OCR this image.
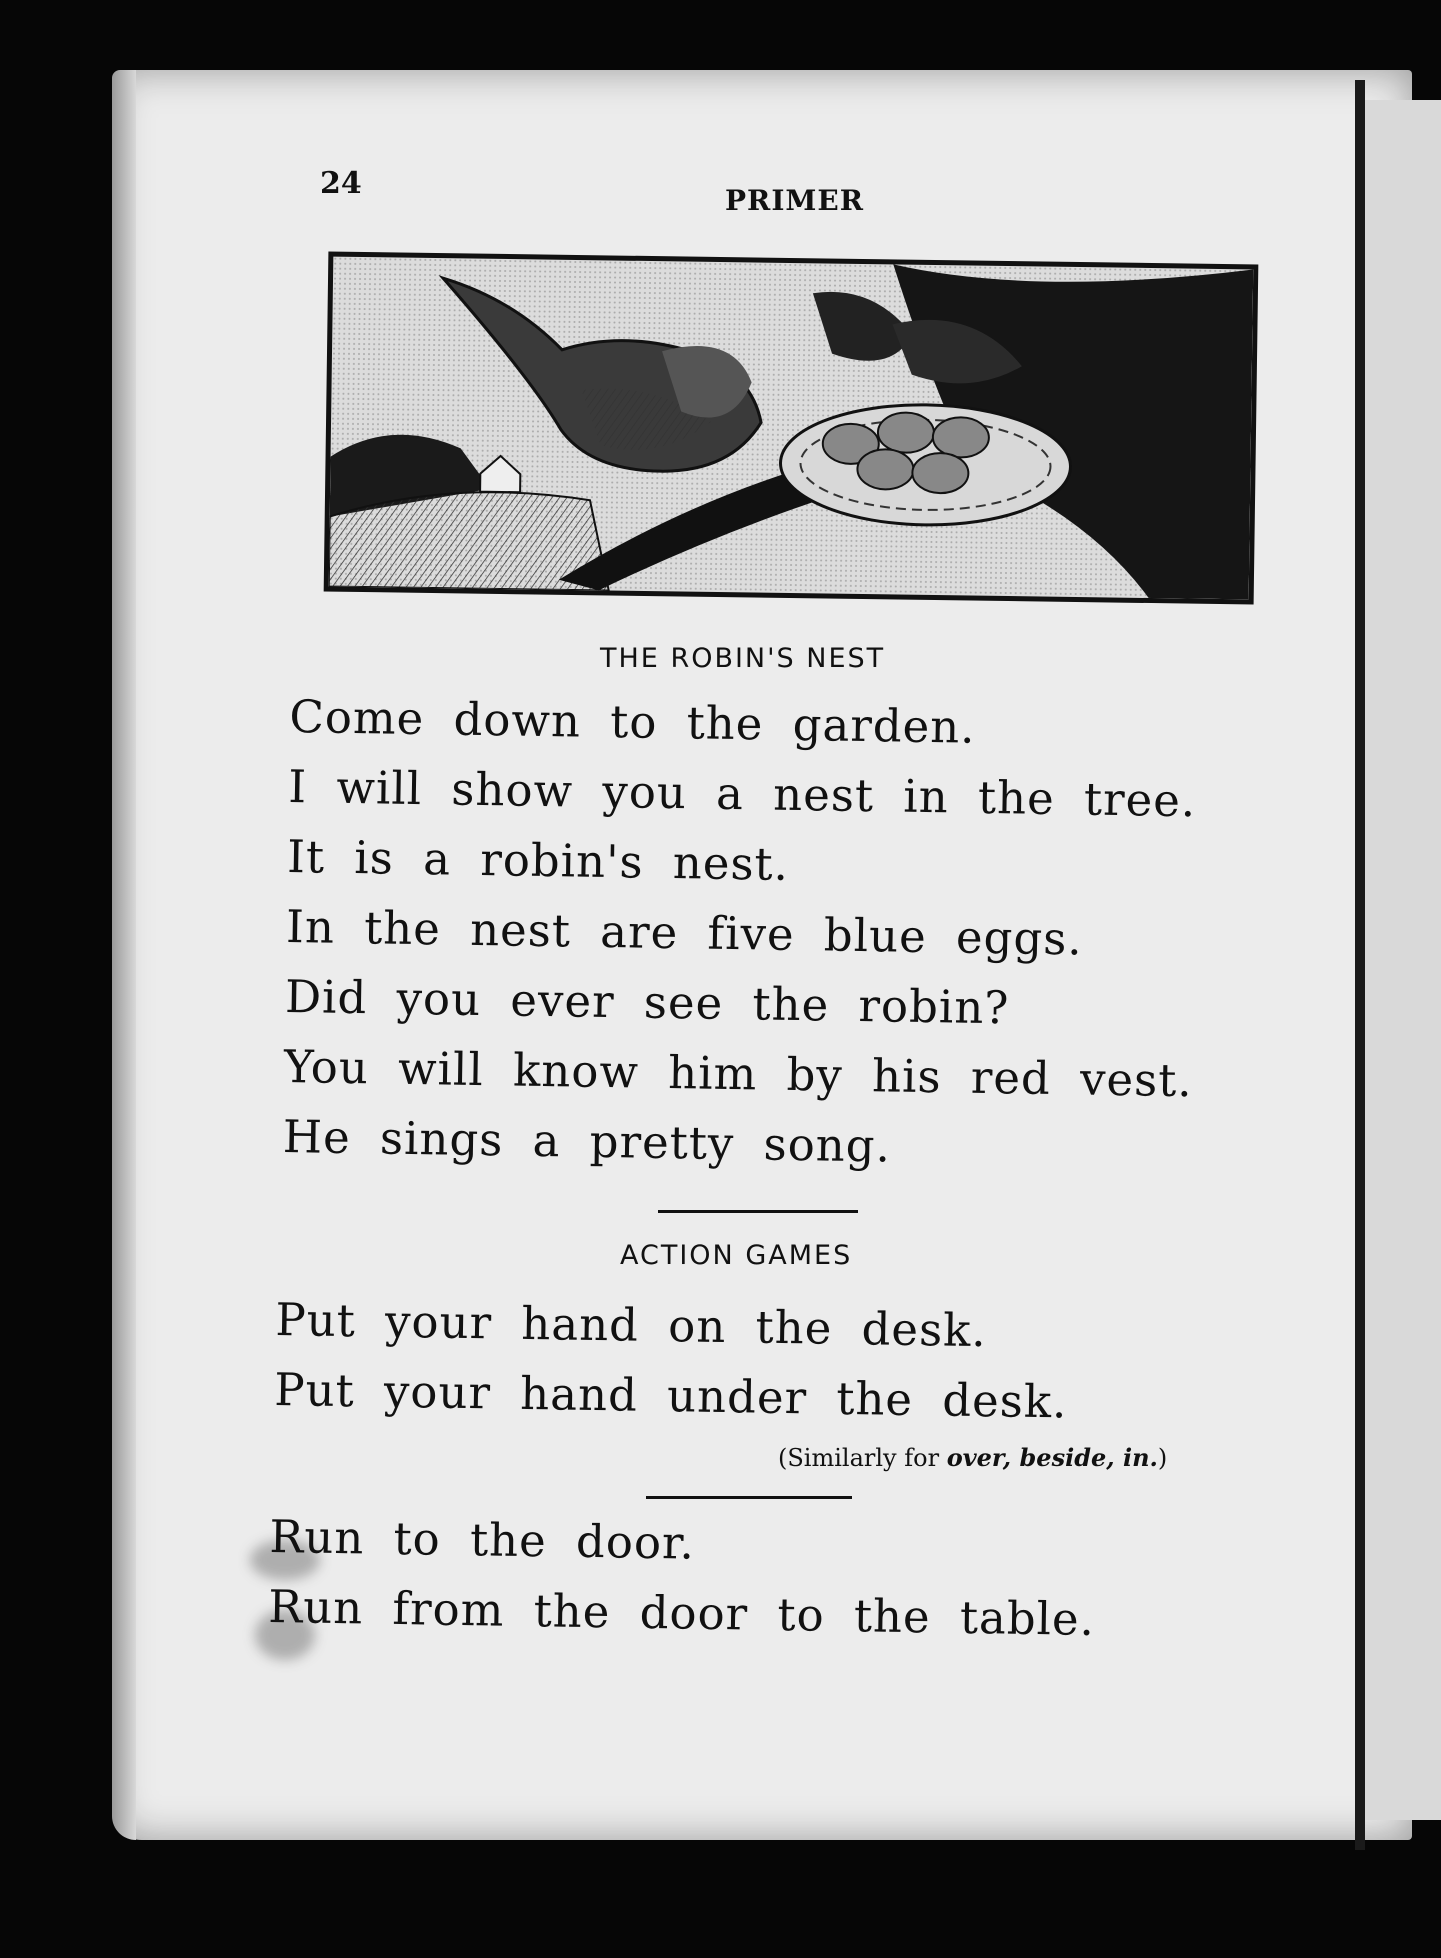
24	PRIMER
THE ROBIN'S NEST
Come down to the garden.
I will show you a nest in the tree.
It is a robin's nest.
In the nest are five blue eggs.
Did you ever see the robin?
You will know him by his red vest.
He sings a pretty song.
ACTION GAMES
Put your hand on the desk.
Put your hand under the desk.
(Similarly for over, beside, in.)
Run to the door.
Run from the door to the table.
